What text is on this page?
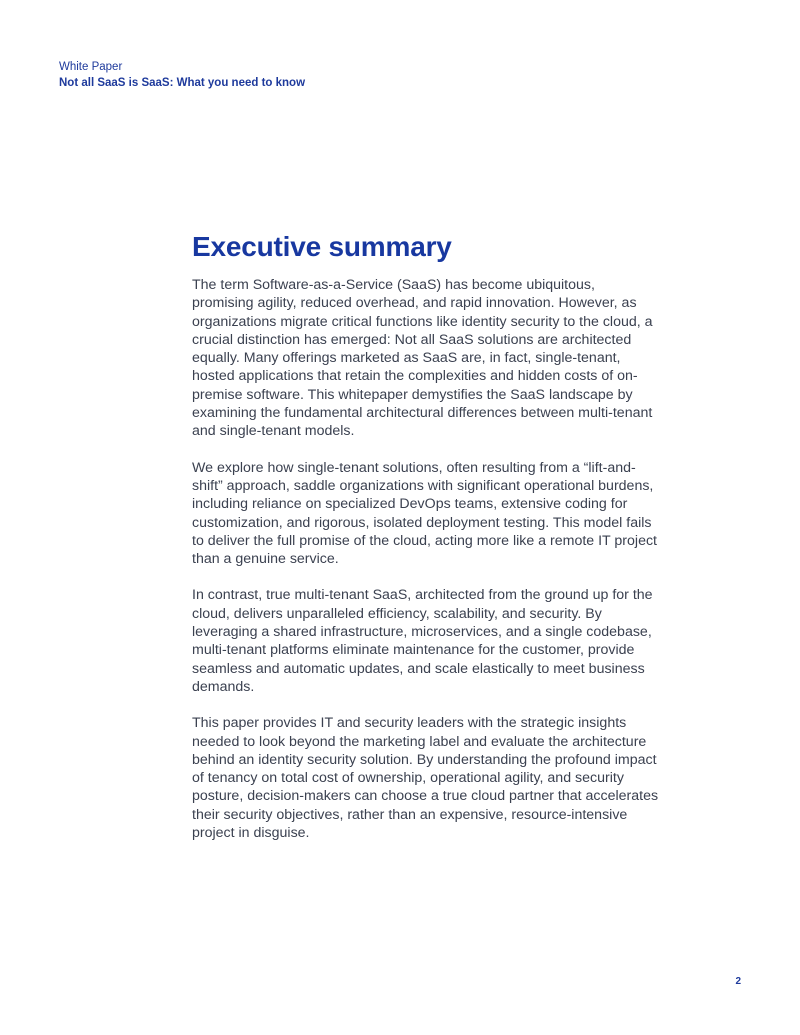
White Paper
Not all SaaS is SaaS: What you need to know
Executive summary

The term Software-as-a-Service (SaaS) has become ubiquitous, promising agility, reduced overhead, and rapid innovation. However, as organizations migrate critical functions like identity security to the cloud, a crucial distinction has emerged: Not all SaaS solutions are architected equally. Many offerings marketed as SaaS are, in fact, single-tenant, hosted applications that retain the complexities and hidden costs of on-premise software. This whitepaper demystifies the SaaS landscape by examining the fundamental architectural differences between multi-tenant and single-tenant models.

We explore how single-tenant solutions, often resulting from a “lift-and-shift” approach, saddle organizations with significant operational burdens, including reliance on specialized DevOps teams, extensive coding for customization, and rigorous, isolated deployment testing. This model fails to deliver the full promise of the cloud, acting more like a remote IT project than a genuine service.

In contrast, true multi-tenant SaaS, architected from the ground up for the cloud, delivers unparalleled efficiency, scalability, and security. By leveraging a shared infrastructure, microservices, and a single codebase, multi-tenant platforms eliminate maintenance for the customer, provide seamless and automatic updates, and scale elastically to meet business demands.

This paper provides IT and security leaders with the strategic insights needed to look beyond the marketing label and evaluate the architecture behind an identity security solution. By understanding the profound impact of tenancy on total cost of ownership, operational agility, and security posture, decision-makers can choose a true cloud partner that accelerates their security objectives, rather than an expensive, resource-intensive project in disguise.

2
